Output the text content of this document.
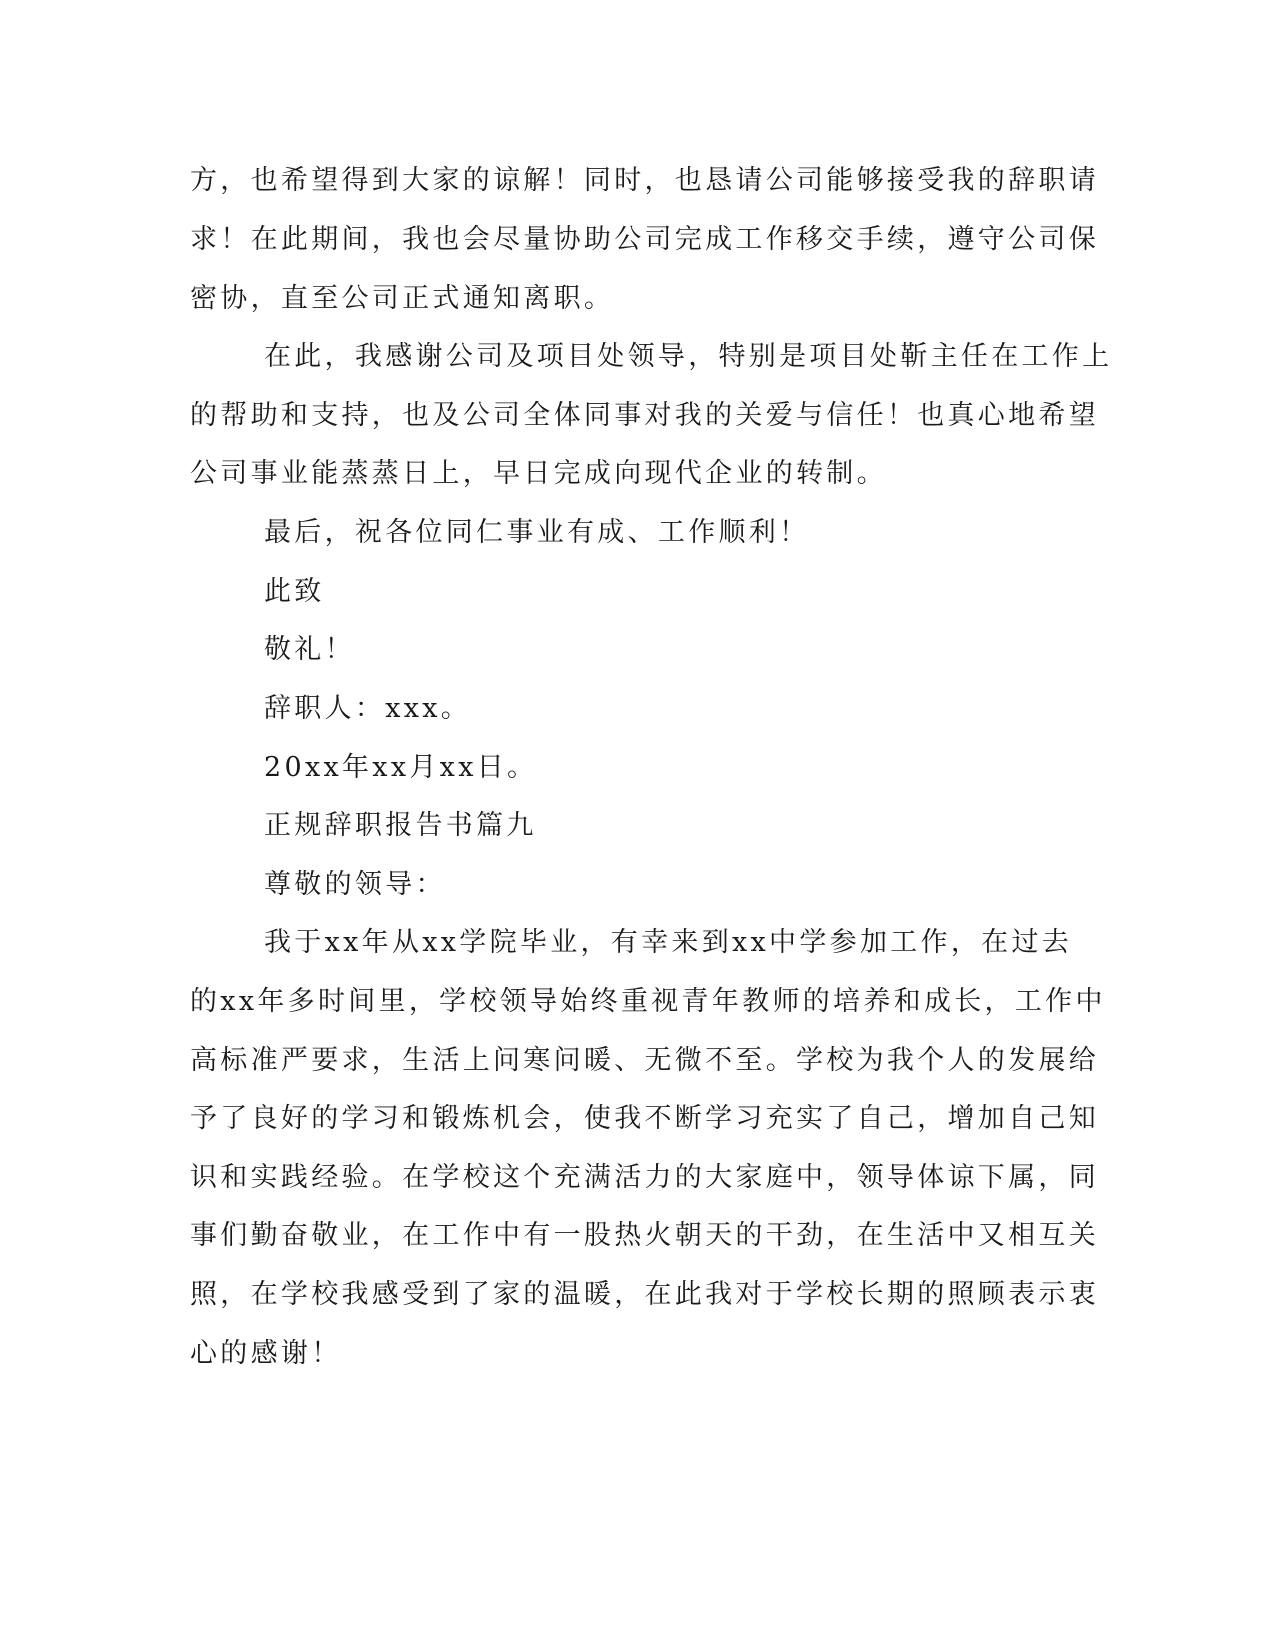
方，也希望得到大家的谅解！同时，也恳请公司能够接受我的辞职请
求！在此期间，我也会尽量协助公司完成工作移交手续，遵守公司保
密协，直至公司正式通知离职。
在此，我感谢公司及项目处领导，特别是项目处靳主任在工作上
的帮助和支持，也及公司全体同事对我的关爱与信任！也真心地希望
公司事业能蒸蒸日上，早日完成向现代企业的转制。
最后，祝各位同仁事业有成、工作顺利！
此致
敬礼！
辞职人：xxx。
20xx年xx月xx日。
正规辞职报告书篇九
尊敬的领导：
我于xx年从xx学院毕业，有幸来到xx中学参加工作，在过去
的xx年多时间里，学校领导始终重视青年教师的培养和成长，工作中
高标准严要求，生活上问寒问暖、无微不至。学校为我个人的发展给
予了良好的学习和锻炼机会，使我不断学习充实了自己，增加自己知
识和实践经验。在学校这个充满活力的大家庭中，领导体谅下属，同
事们勤奋敬业，在工作中有一股热火朝天的干劲，在生活中又相互关
照，在学校我感受到了家的温暖，在此我对于学校长期的照顾表示衷
心的感谢！
